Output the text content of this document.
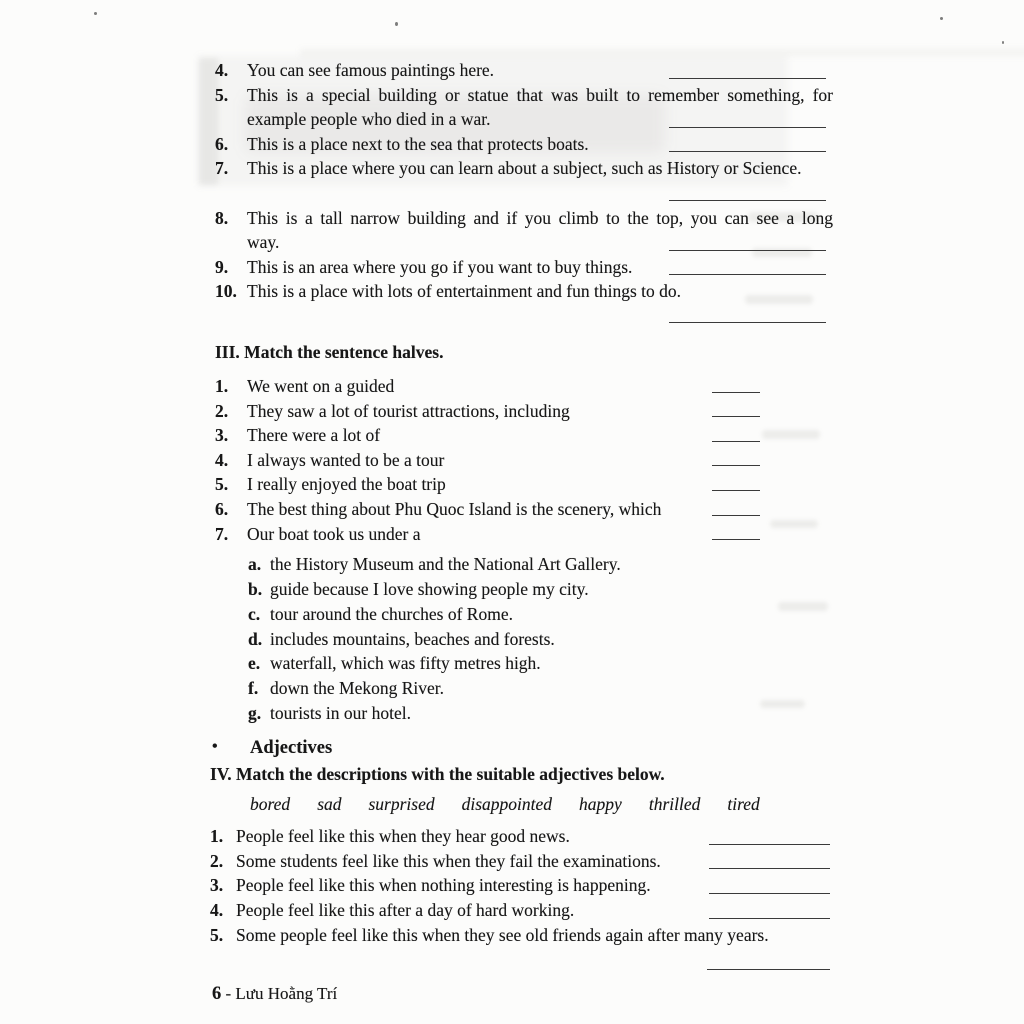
4. You can see famous paintings here.
5. This is a special building or statue that was built to remember something, for
example people who died in a war.
6. This is a place next to the sea that protects boats.
7. This is a place where you can learn about a subject, such as History or Science.
8. This is a tall narrow building and if you climb to the top, you can see a long
way.
9. This is an area where you go if you want to buy things.
10. This is a place with lots of entertainment and fun things to do.
III. Match the sentence halves.
1. We went on a guided
2. They saw a lot of tourist attractions, including
3. There were a lot of
4. I always wanted to be a tour
5. I really enjoyed the boat trip
6. The best thing about Phu Quoc Island is the scenery, which
7. Our boat took us under a
a. the History Museum and the National Art Gallery.
b. guide because I love showing people my city.
c. tour around the churches of Rome.
d. includes mountains, beaches and forests.
e. waterfall, which was fifty metres high.
f. down the Mekong River.
g. tourists in our hotel.
• Adjectives
IV. Match the descriptions with the suitable adjectives below.
bored sad surprised disappointed happy thrilled tired
1. People feel like this when they hear good news.
2. Some students feel like this when they fail the examinations.
3. People feel like this when nothing interesting is happening.
4. People feel like this after a day of hard working.
5. Some people feel like this when they see old friends again after many years.
6 - Lưu Hoằng Trí
